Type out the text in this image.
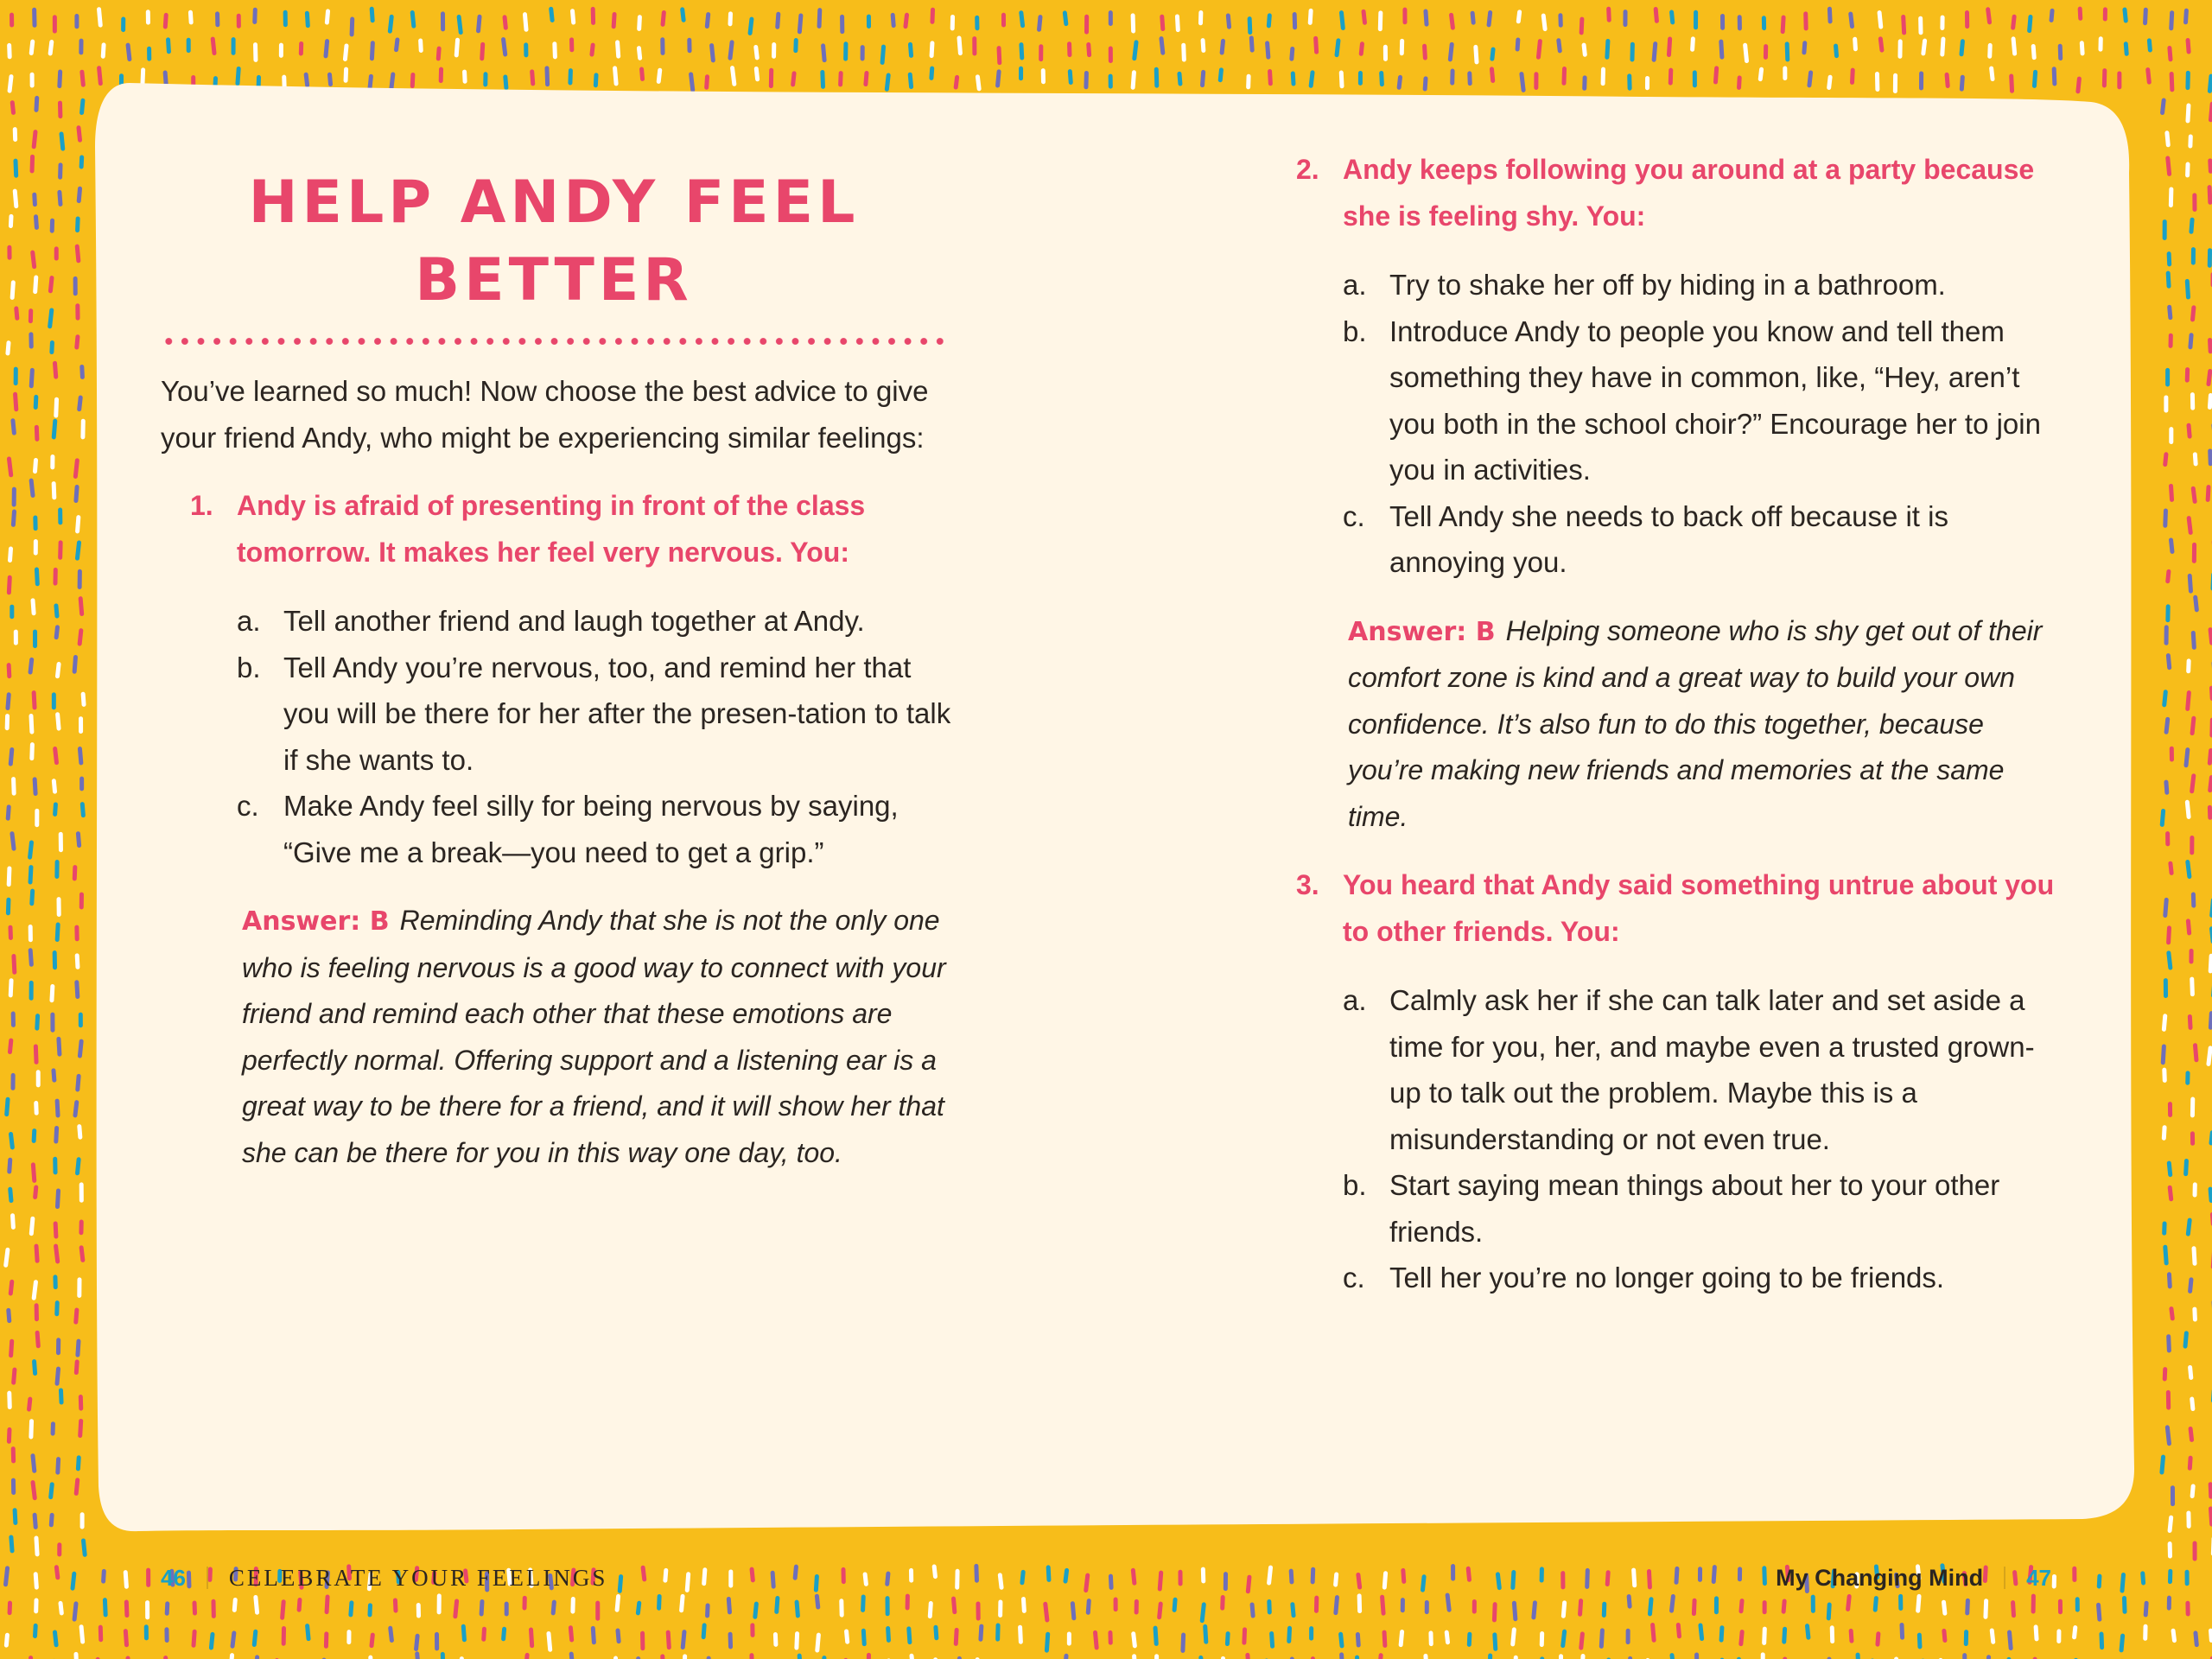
HELP ANDY FEEL BETTER

You’ve learned so much! Now choose the best advice to give your friend Andy, who might be experiencing similar feelings:

1. Andy is afraid of presenting in front of the class tomorrow. It makes her feel very nervous. You:
a. Tell another friend and laugh together at Andy.
b. Tell Andy you’re nervous, too, and remind her that you will be there for her after the presen-tation to talk if she wants to.
c. Make Andy feel silly for being nervous by saying, “Give me a break—you need to get a grip.”
Answer: B Reminding Andy that she is not the only one who is feeling nervous is a good way to connect with your friend and remind each other that these emotions are perfectly normal. Offering support and a listening ear is a great way to be there for a friend, and it will show her that she can be there for you in this way one day, too.
2. Andy keeps following you around at a party because she is feeling shy. You:
a. Try to shake her off by hiding in a bathroom.
b. Introduce Andy to people you know and tell them something they have in common, like, “Hey, aren’t you both in the school choir?” Encourage her to join you in activities.
c. Tell Andy she needs to back off because it is annoying you.
Answer: B Helping someone who is shy get out of their comfort zone is kind and a great way to build your own confidence. It’s also fun to do this together, because you’re making new friends and memories at the same time.
3. You heard that Andy said something untrue about you to other friends. You:
a. Calmly ask her if she can talk later and set aside a time for you, her, and maybe even a trusted grown-up to talk out the problem. Maybe this is a misunderstanding or not even true.
b. Start saying mean things about her to your other friends.
c. Tell her you’re no longer going to be friends.
46 CELEBRATE YOUR FEELINGS	My Changing Mind 47
